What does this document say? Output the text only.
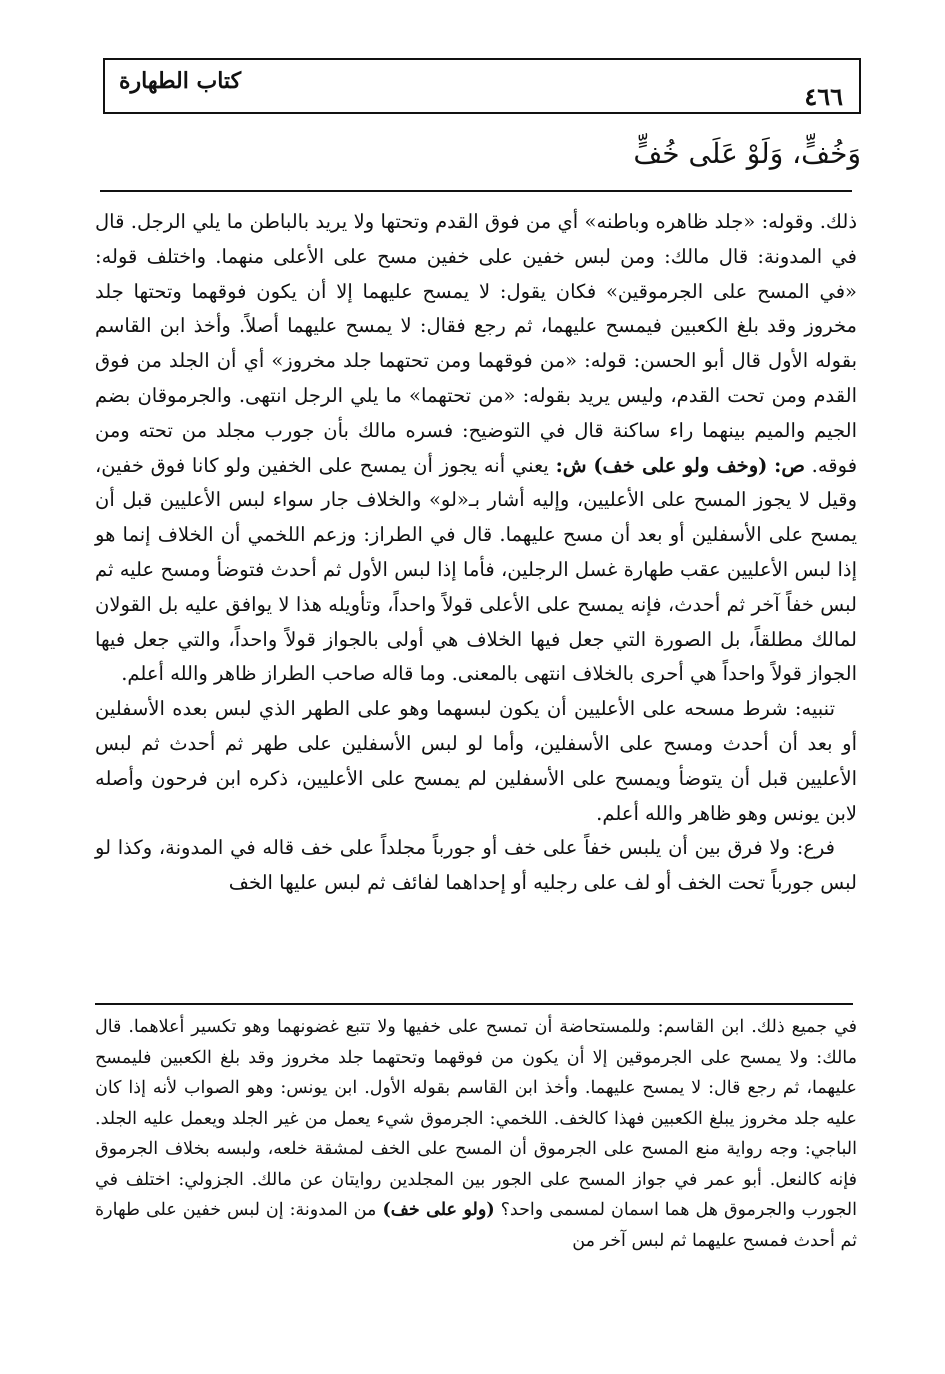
كتاب الطهارة
٤٦٦
وَخُفٍّ، وَلَوْ عَلَى خُفٍّ

ذلك. وقوله: «جلد ظاهره وباطنه» أي من فوق القدم وتحتها ولا يريد بالباطن ما يلي الرجل. قال في المدونة: قال مالك: ومن لبس خفين على خفين مسح على الأعلى منهما. واختلف قوله: «في المسح على الجرموقين» فكان يقول: لا يمسح عليهما إلا أن يكون فوقهما وتحتها جلد مخروز وقد بلغ الكعبين فيمسح عليهما، ثم رجع فقال: لا يمسح عليهما أصلاً. وأخذ ابن القاسم بقوله الأول قال أبو الحسن: قوله: «من فوقهما ومن تحتهما جلد مخروز» أي أن الجلد من فوق القدم ومن تحت القدم، وليس يريد بقوله: «من تحتهما» ما يلي الرجل انتهى. والجرموقان بضم الجيم والميم بينهما راء ساكنة قال في التوضيح: فسره مالك بأن جورب مجلد من تحته ومن فوقه. ص: (وخف ولو على خف) ش: يعني أنه يجوز أن يمسح على الخفين ولو كانا فوق خفين، وقيل لا يجوز المسح على الأعليين، وإليه أشار بـ«لو» والخلاف جار سواء لبس الأعليين قبل أن يمسح على الأسفلين أو بعد أن مسح عليهما. قال في الطراز: وزعم اللخمي أن الخلاف إنما هو إذا لبس الأعليين عقب طهارة غسل الرجلين، فأما إذا لبس الأول ثم أحدث فتوضأ ومسح عليه ثم لبس خفاً آخر ثم أحدث، فإنه يمسح على الأعلى قولاً واحداً، وتأويله هذا لا يوافق عليه بل القولان لمالك مطلقاً، بل الصورة التي جعل فيها الخلاف هي أولى بالجواز قولاً واحداً، والتي جعل فيها الجواز قولاً واحداً هي أحرى بالخلاف انتهى بالمعنى. وما قاله صاحب الطراز ظاهر والله أعلم.

تنبيه: شرط مسحه على الأعليين أن يكون لبسهما وهو على الطهر الذي لبس بعده الأسفلين أو بعد أن أحدث ومسح على الأسفلين، وأما لو لبس الأسفلين على طهر ثم أحدث ثم لبس الأعليين قبل أن يتوضأ ويمسح على الأسفلين لم يمسح على الأعليين، ذكره ابن فرحون وأصله لابن يونس وهو ظاهر والله أعلم.

فرع: ولا فرق بين أن يلبس خفاً على خف أو جورباً مجلداً على خف قاله في المدونة، وكذا لو لبس جورباً تحت الخف أو لف على رجليه أو إحداهما لفائف ثم لبس عليها الخف

في جميع ذلك. ابن القاسم: وللمستحاضة أن تمسح على خفيها ولا تتبع غضونهما وهو تكسير أعلاهما. قال مالك: ولا يمسح على الجرموقين إلا أن يكون من فوقهما وتحتهما جلد مخروز وقد بلغ الكعبين فليمسح عليهما، ثم رجع قال: لا يمسح عليهما. وأخذ ابن القاسم بقوله الأول. ابن يونس: وهو الصواب لأنه إذا كان عليه جلد مخروز يبلغ الكعبين فهذا كالخف. اللخمي: الجرموق شيء يعمل من غير الجلد ويعمل عليه الجلد. الباجي: وجه رواية منع المسح على الجرموق أن المسح على الخف لمشقة خلعه، ولبسه بخلاف الجرموق فإنه كالنعل. أبو عمر في جواز المسح على الجور بين المجلدين روايتان عن مالك. الجزولي: اختلف في الجورب والجرموق هل هما اسمان لمسمى واحد؟ (ولو على خف) من المدونة: إن لبس خفين على طهارة ثم أحدث فمسح عليهما ثم لبس آخر من
